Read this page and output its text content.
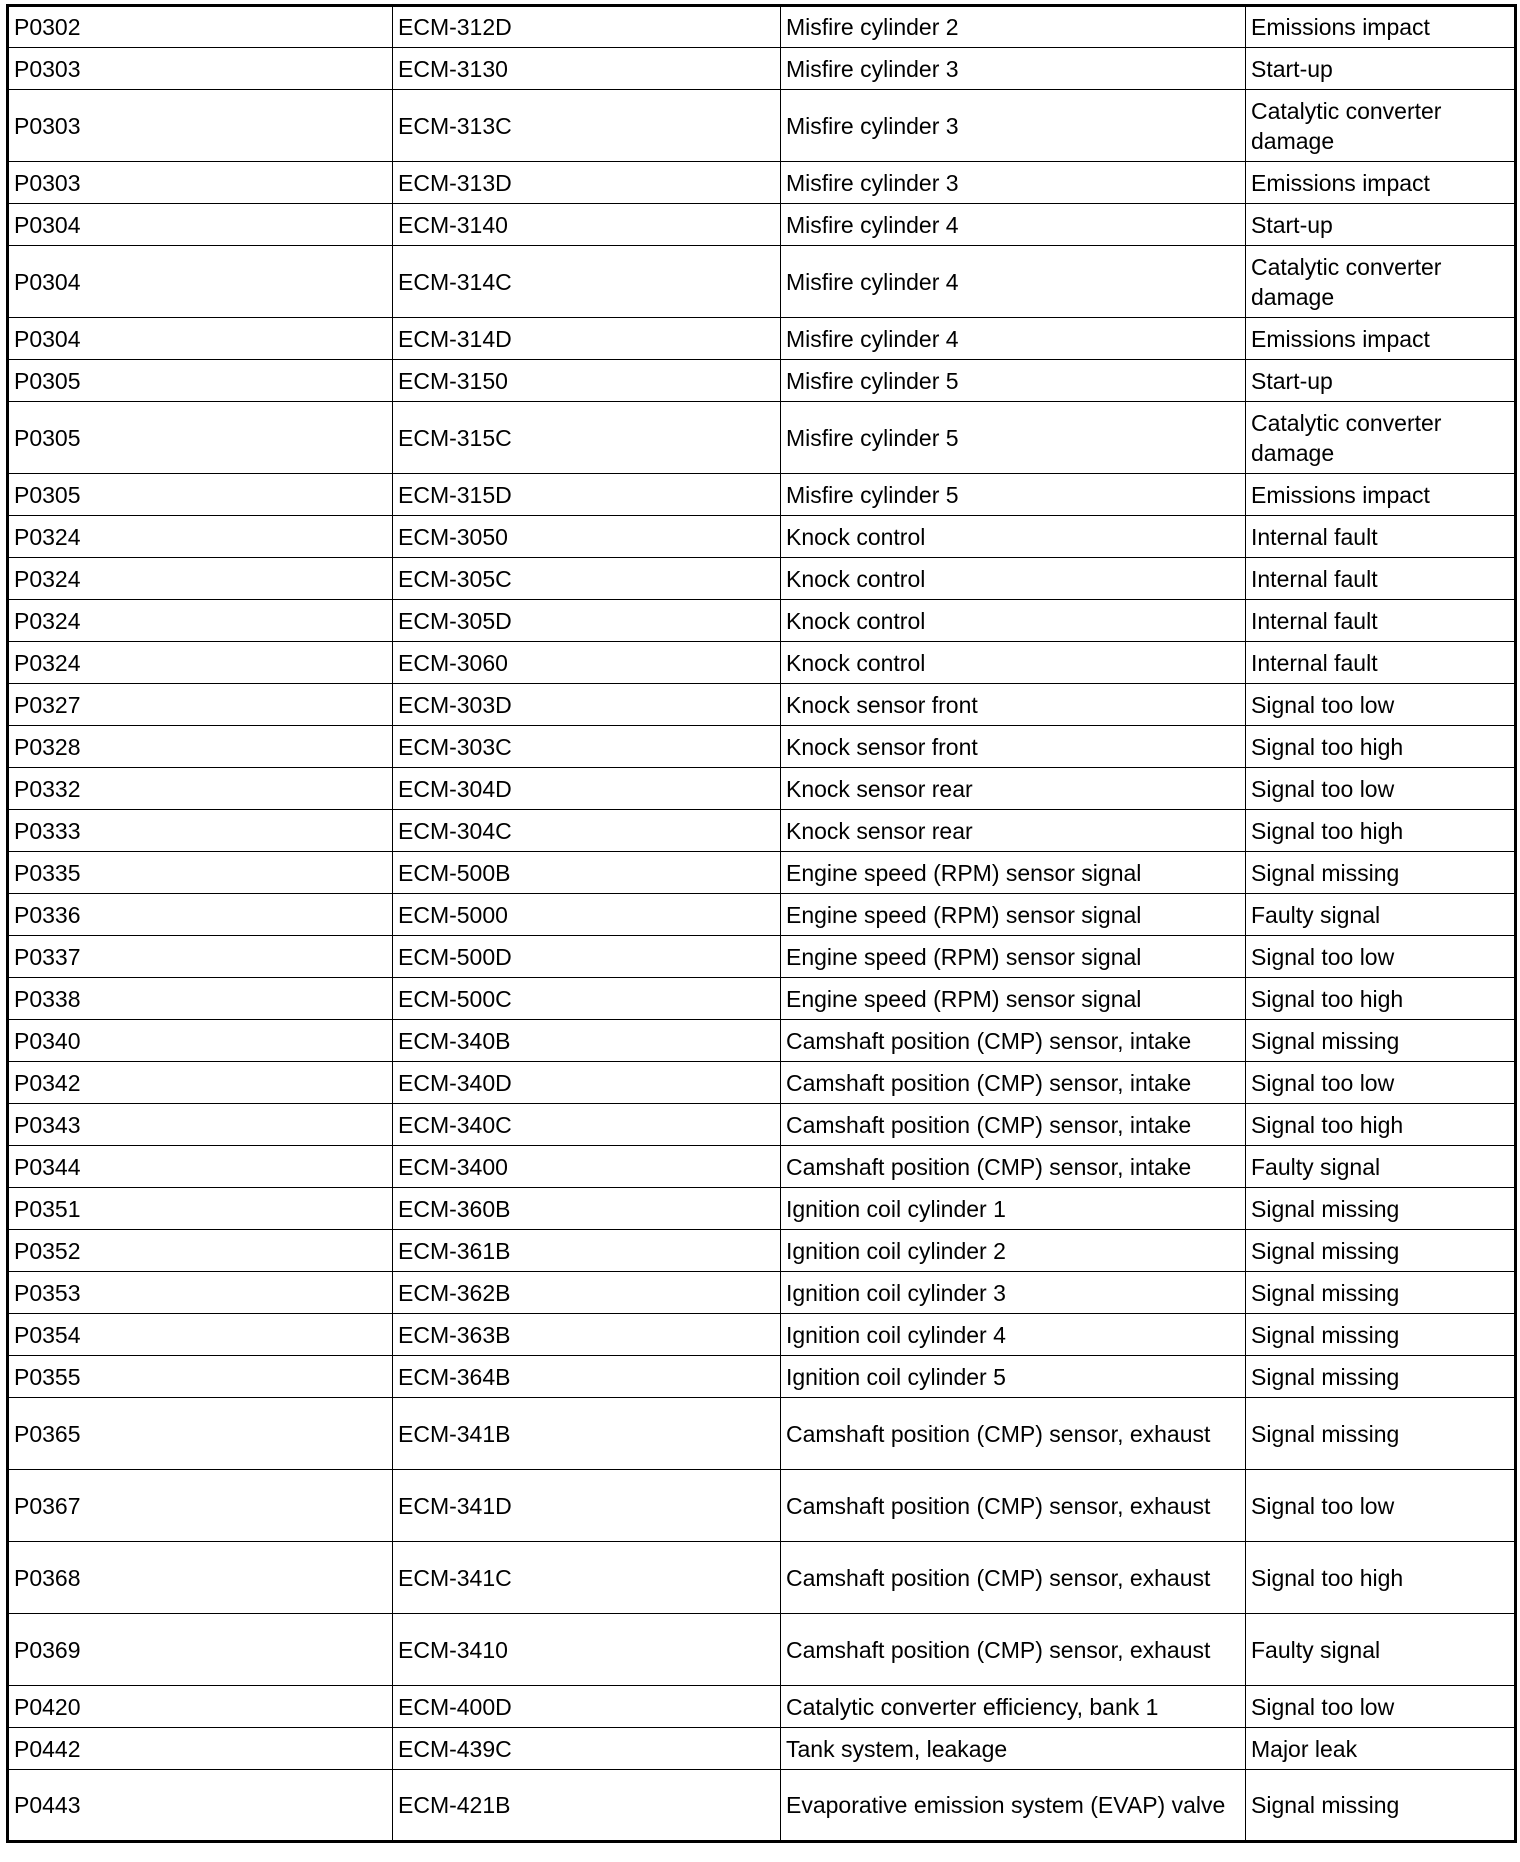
P0302	ECM-312D	Misfire cylinder 2	Emissions impact
P0303	ECM-3130	Misfire cylinder 3	Start-up
P0303	ECM-313C	Misfire cylinder 3	Catalytic converter damage
P0303	ECM-313D	Misfire cylinder 3	Emissions impact
P0304	ECM-3140	Misfire cylinder 4	Start-up
P0304	ECM-314C	Misfire cylinder 4	Catalytic converter damage
P0304	ECM-314D	Misfire cylinder 4	Emissions impact
P0305	ECM-3150	Misfire cylinder 5	Start-up
P0305	ECM-315C	Misfire cylinder 5	Catalytic converter damage
P0305	ECM-315D	Misfire cylinder 5	Emissions impact
P0324	ECM-3050	Knock control	Internal fault
P0324	ECM-305C	Knock control	Internal fault
P0324	ECM-305D	Knock control	Internal fault
P0324	ECM-3060	Knock control	Internal fault
P0327	ECM-303D	Knock sensor front	Signal too low
P0328	ECM-303C	Knock sensor front	Signal too high
P0332	ECM-304D	Knock sensor rear	Signal too low
P0333	ECM-304C	Knock sensor rear	Signal too high
P0335	ECM-500B	Engine speed (RPM) sensor signal	Signal missing
P0336	ECM-5000	Engine speed (RPM) sensor signal	Faulty signal
P0337	ECM-500D	Engine speed (RPM) sensor signal	Signal too low
P0338	ECM-500C	Engine speed (RPM) sensor signal	Signal too high
P0340	ECM-340B	Camshaft position (CMP) sensor, intake	Signal missing
P0342	ECM-340D	Camshaft position (CMP) sensor, intake	Signal too low
P0343	ECM-340C	Camshaft position (CMP) sensor, intake	Signal too high
P0344	ECM-3400	Camshaft position (CMP) sensor, intake	Faulty signal
P0351	ECM-360B	Ignition coil cylinder 1	Signal missing
P0352	ECM-361B	Ignition coil cylinder 2	Signal missing
P0353	ECM-362B	Ignition coil cylinder 3	Signal missing
P0354	ECM-363B	Ignition coil cylinder 4	Signal missing
P0355	ECM-364B	Ignition coil cylinder 5	Signal missing
P0365	ECM-341B	Camshaft position (CMP) sensor, exhaust	Signal missing
P0367	ECM-341D	Camshaft position (CMP) sensor, exhaust	Signal too low
P0368	ECM-341C	Camshaft position (CMP) sensor, exhaust	Signal too high
P0369	ECM-3410	Camshaft position (CMP) sensor, exhaust	Faulty signal
P0420	ECM-400D	Catalytic converter efficiency, bank 1	Signal too low
P0442	ECM-439C	Tank system, leakage	Major leak
P0443	ECM-421B	Evaporative emission system (EVAP) valve	Signal missing
